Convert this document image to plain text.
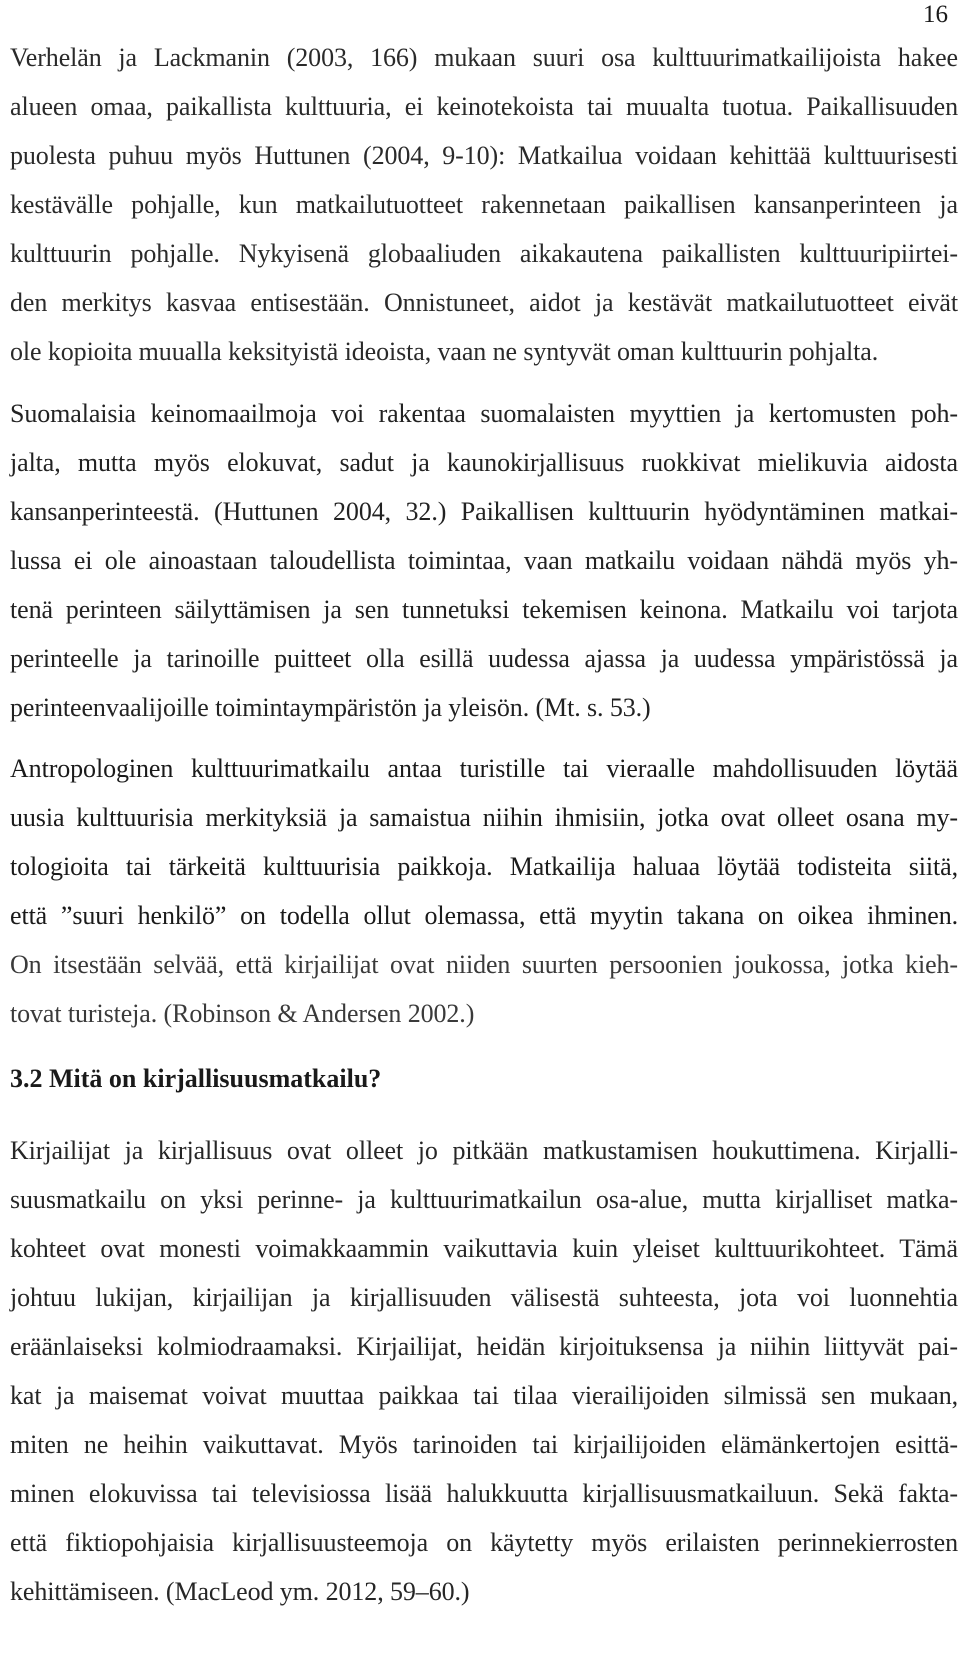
16

Verhelän ja Lackmanin (2003, 166) mukaan suuri osa kulttuurimatkailijoista hakee
alueen omaa, paikallista kulttuuria, ei keinotekoista tai muualta tuotua. Paikallisuuden
puolesta puhuu myös Huttunen (2004, 9-10): Matkailua voidaan kehittää kulttuurisesti
kestävälle pohjalle, kun matkailutuotteet rakennetaan paikallisen kansanperinteen ja
kulttuurin pohjalle. Nykyisenä globaaliuden aikakautena paikallisten kulttuuripiirtei-
den merkitys kasvaa entisestään. Onnistuneet, aidot ja kestävät matkailutuotteet eivät
ole kopioita muualla keksityistä ideoista, vaan ne syntyvät oman kulttuurin pohjalta.

Suomalaisia keinomaailmoja voi rakentaa suomalaisten myyttien ja kertomusten poh-
jalta, mutta myös elokuvat, sadut ja kaunokirjallisuus ruokkivat mielikuvia aidosta
kansanperinteestä. (Huttunen 2004, 32.) Paikallisen kulttuurin hyödyntäminen matkai-
lussa ei ole ainoastaan taloudellista toimintaa, vaan matkailu voidaan nähdä myös yh-
tenä perinteen säilyttämisen ja sen tunnetuksi tekemisen keinona. Matkailu voi tarjota
perinteelle ja tarinoille puitteet olla esillä uudessa ajassa ja uudessa ympäristössä ja
perinteenvaalijoille toimintaympäristön ja yleisön. (Mt. s. 53.)

Antropologinen kulttuurimatkailu antaa turistille tai vieraalle mahdollisuuden löytää
uusia kulttuurisia merkityksiä ja samaistua niihin ihmisiin, jotka ovat olleet osana my-
tologioita tai tärkeitä kulttuurisia paikkoja. Matkailija haluaa löytää todisteita siitä,
että ”suuri henkilö” on todella ollut olemassa, että myytin takana on oikea ihminen.
On itsestään selvää, että kirjailijat ovat niiden suurten persoonien joukossa, jotka kieh-
tovat turisteja. (Robinson & Andersen 2002.)

3.2 Mitä on kirjallisuusmatkailu?

Kirjailijat ja kirjallisuus ovat olleet jo pitkään matkustamisen houkuttimena. Kirjalli-
suusmatkailu on yksi perinne- ja kulttuurimatkailun osa-alue, mutta kirjalliset matka-
kohteet ovat monesti voimakkaammin vaikuttavia kuin yleiset kulttuurikohteet. Tämä
johtuu lukijan, kirjailijan ja kirjallisuuden välisestä suhteesta, jota voi luonnehtia
eräänlaiseksi kolmiodraamaksi. Kirjailijat, heidän kirjoituksensa ja niihin liittyvät pai-
kat ja maisemat voivat muuttaa paikkaa tai tilaa vierailijoiden silmissä sen mukaan,
miten ne heihin vaikuttavat. Myös tarinoiden tai kirjailijoiden elämänkertojen esittä-
minen elokuvissa tai televisiossa lisää halukkuutta kirjallisuusmatkailuun. Sekä fakta-
että fiktiopohjaisia kirjallisuusteemoja on käytetty myös erilaisten perinnekierrosten
kehittämiseen. (MacLeod ym. 2012, 59–60.)
